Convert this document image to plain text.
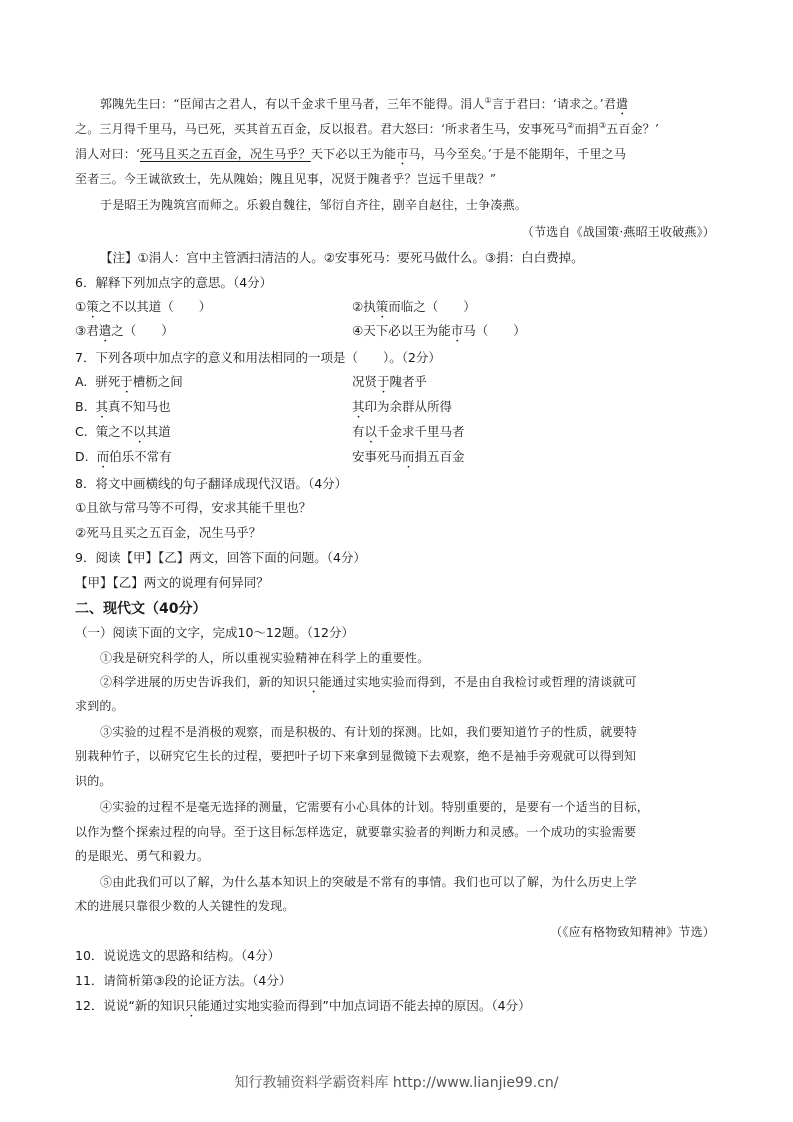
郭隗先生曰：“臣闻古之君人，有以千金求千里马者，三年不能得。涓人①言于君曰：‘请求之。’君遣
之。三月得千里马，马已死，买其首五百金，反以报君。君大怒曰：‘所求者生马，安事死马②而捐③五百金？’
涓人对曰：‘死马且买之五百金，况生马乎？天下必以王为能市马，马今至矣。’于是不能期年，千里之马
至者三。今王诚欲致士，先从隗始；隗且见事，况贤于隗者乎？岂远千里哉？”
于是昭王为隗筑宫而师之。乐毅自魏往，邹衍自齐往，剧辛自赵往，士争凑燕。
（节选自《战国策·燕昭王收破燕》）
【注】①涓人：宫中主管洒扫清洁的人。②安事死马：要死马做什么。③捐：白白费掉。
6．解释下列加点字的意思。（4分）
①策之不以其道（　　）	②执策而临之（　　）
③君遣之（　　）	④天下必以王为能市马（　　）
7．下列各项中加点字的意义和用法相同的一项是（　　）。（2分）
A. 骈死于槽枥之间	况贤于隗者乎
B. 其真不知马也	其印为余群从所得
C. 策之不以其道	有以千金求千里马者
D. 而伯乐不常有	安事死马而捐五百金
8．将文中画横线的句子翻译成现代汉语。（4分）
①且欲与常马等不可得，安求其能千里也？
②死马且买之五百金，况生马乎？
9．阅读【甲】【乙】两文，回答下面的问题。（4分）
【甲】【乙】两文的说理有何异同？
二、现代文（40分）
（一）阅读下面的文字，完成10～12题。（12分）
①我是研究科学的人，所以重视实验精神在科学上的重要性。
②科学进展的历史告诉我们，新的知识只能通过实地实验而得到，不是由自我检讨或哲理的清谈就可
求到的。
③实验的过程不是消极的观察，而是积极的、有计划的探测。比如，我们要知道竹子的性质，就要特
别栽种竹子，以研究它生长的过程，要把叶子切下来拿到显微镜下去观察，绝不是袖手旁观就可以得到知
识的。
④实验的过程不是毫无选择的测量，它需要有小心具体的计划。特别重要的，是要有一个适当的目标，
以作为整个探索过程的向导。至于这目标怎样选定，就要靠实验者的判断力和灵感。一个成功的实验需要
的是眼光、勇气和毅力。
⑤由此我们可以了解，为什么基本知识上的突破是不常有的事情。我们也可以了解，为什么历史上学
术的进展只靠很少数的人关键性的发现。
（《应有格物致知精神》节选）
10．说说选文的思路和结构。（4分）
11．请简析第③段的论证方法。（4分）
12．说说“新的知识只能通过实地实验而得到”中加点词语不能去掉的原因。（4分）
知行教辅资料学霸资料库 http://www.lianjie99.cn/
